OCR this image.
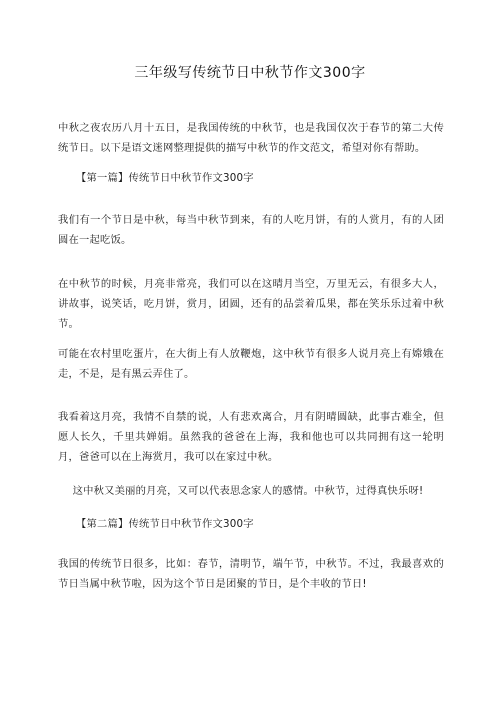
三年级写传统节日中秋节作文300字

中秋之夜农历八月十五日，是我国传统的中秋节，也是我国仅次于春节的第二大传统节日。以下是语文迷网整理提供的描写中秋节的作文范文，希望对你有帮助。

【第一篇】传统节日中秋节作文300字

我们有一个节日是中秋，每当中秋节到来，有的人吃月饼，有的人赏月，有的人团圆在一起吃饭。

在中秋节的时候，月亮非常亮，我们可以在这晴月当空，万里无云，有很多大人，讲故事，说笑话，吃月饼，赏月，团圆，还有的品尝着瓜果，都在笑乐乐过着中秋节。

可能在农村里吃蛋片，在大街上有人放鞭炮，这中秋节有很多人说月亮上有嫦娥在走，不是，是有黑云弄住了。

我看着这月亮，我情不自禁的说，人有悲欢离合，月有阴晴圆缺，此事古难全，但愿人长久，千里共婵娟。虽然我的爸爸在上海，我和他也可以共同拥有这一轮明月，爸爸可以在上海赏月，我可以在家过中秋。

这中秋又美丽的月亮，又可以代表思念家人的感情。中秋节，过得真快乐呀!

【第二篇】传统节日中秋节作文300字

我国的传统节日很多，比如：春节，清明节，端午节，中秋节。不过，我最喜欢的节日当属中秋节啦，因为这个节日是团聚的节日，是个丰收的节日!
